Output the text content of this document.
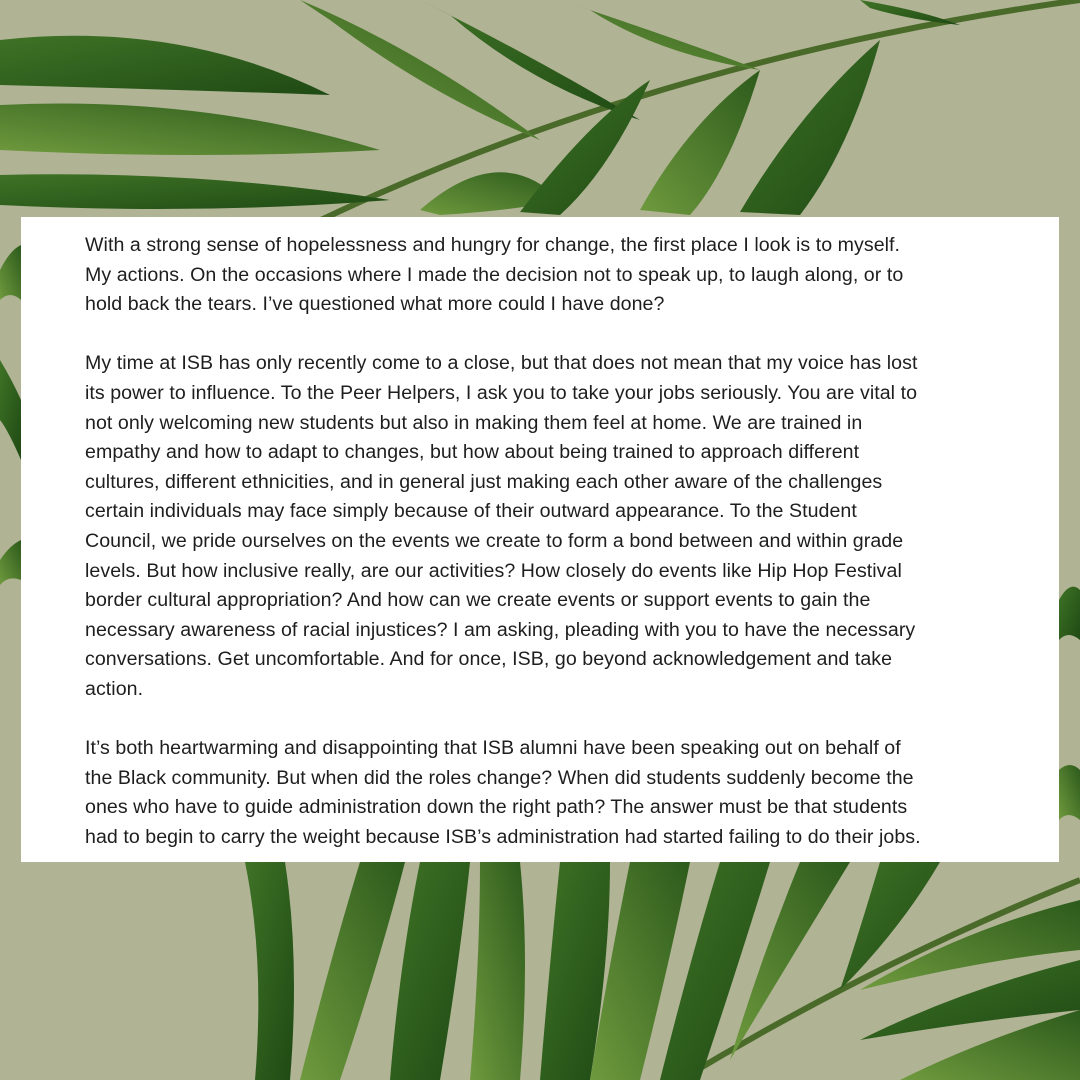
With a strong sense of hopelessness and hungry for change, the first place I look is to myself.
My actions. On the occasions where I made the decision not to speak up, to laugh along, or to
hold back the tears. I’ve questioned what more could I have done?

My time at ISB has only recently come to a close, but that does not mean that my voice has lost
its power to influence. To the Peer Helpers, I ask you to take your jobs seriously. You are vital to
not only welcoming new students but also in making them feel at home. We are trained in
empathy and how to adapt to changes, but how about being trained to approach different
cultures, different ethnicities, and in general just making each other aware of the challenges
certain individuals may face simply because of their outward appearance. To the Student
Council, we pride ourselves on the events we create to form a bond between and within grade
levels. But how inclusive really, are our activities? How closely do events like Hip Hop Festival
border cultural appropriation? And how can we create events or support events to gain the
necessary awareness of racial injustices? I am asking, pleading with you to have the necessary
conversations. Get uncomfortable. And for once, ISB, go beyond acknowledgement and take
action.

It’s both heartwarming and disappointing that ISB alumni have been speaking out on behalf of
the Black community. But when did the roles change? When did students suddenly become the
ones who have to guide administration down the right path? The answer must be that students
had to begin to carry the weight because ISB’s administration had started failing to do their jobs.
